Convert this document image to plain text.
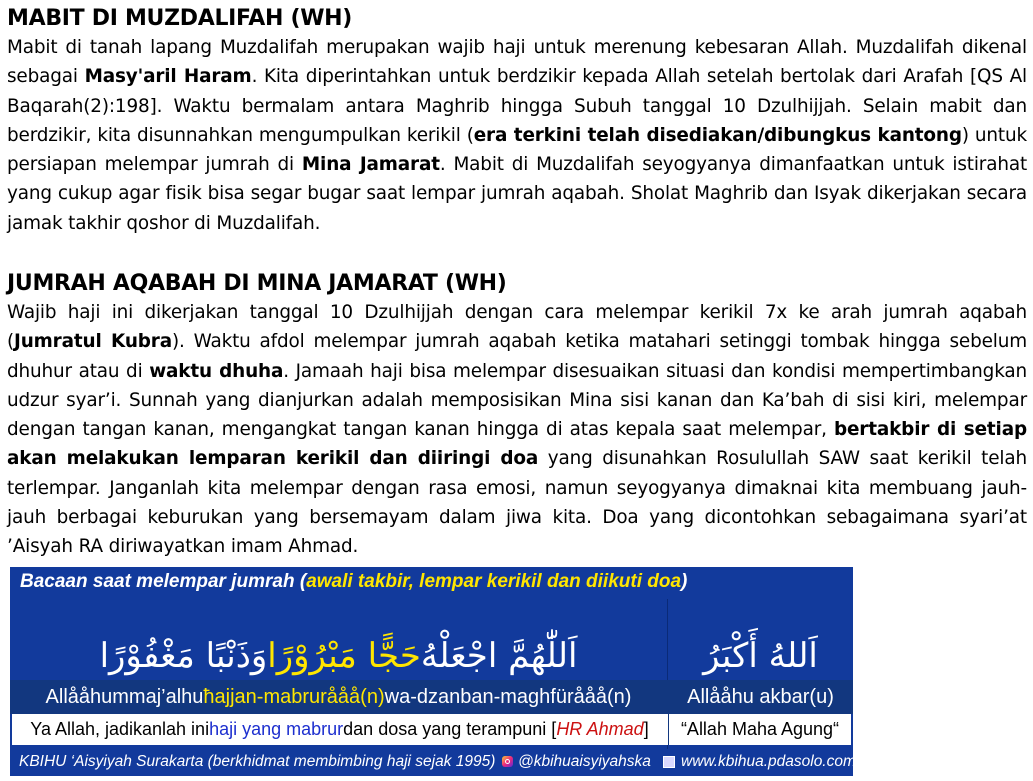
MABIT DI MUZDALIFAH (WH)

Mabit di tanah lapang Muzdalifah merupakan wajib haji untuk merenung kebesaran Allah. Muzdalifah dikenal sebagai Masy'aril Haram. Kita diperintahkan untuk berdzikir kepada Allah setelah bertolak dari Arafah [QS Al Baqarah(2):198]. Waktu bermalam antara Maghrib hingga Subuh tanggal 10 Dzulhijjah. Selain mabit dan berdzikir, kita disunnahkan mengumpulkan kerikil (era terkini telah disediakan/dibungkus kantong) untuk persiapan melempar jumrah di Mina Jamarat. Mabit di Muzdalifah seyogyanya dimanfaatkan untuk istirahat yang cukup agar fisik bisa segar bugar saat lempar jumrah aqabah. Sholat Maghrib dan Isyak dikerjakan secara jamak takhir qoshor di Muzdalifah.

JUMRAH AQABAH DI MINA JAMARAT (WH)

Wajib haji ini dikerjakan tanggal 10 Dzulhijjah dengan cara melempar kerikil 7x ke arah jumrah aqabah (Jumratul Kubra). Waktu afdol melempar jumrah aqabah ketika matahari setinggi tombak hingga sebelum dhuhur atau di waktu dhuha. Jamaah haji bisa melempar disesuaikan situasi dan kondisi mempertimbangkan udzur syar’i. Sunnah yang dianjurkan adalah memposisikan Mina sisi kanan dan Ka’bah di sisi kiri, melempar dengan tangan kanan, mengangkat tangan kanan hingga di atas kepala saat melempar, bertakbir di setiap akan melakukan lemparan kerikil dan diiringi doa yang disunahkan Rosulullah SAW saat kerikil telah terlempar. Janganlah kita melempar dengan rasa emosi, namun seyogyanya dimaknai kita membuang jauh-jauh berbagai keburukan yang bersemayam dalam jiwa kita. Doa yang dicontohkan sebagaimana syari’at ’Aisyah RA diriwayatkan imam Ahmad.

Bacaan saat melempar jumrah (awali takbir, lempar kerikil dan diikuti doa)
اَللّٰهُمَّ اجْعَلْهُ
حَجًّا مَبْرُوْرًا
وَذَنْبًا مَغْفُوْرًا	اَللهُ أَكْبَرُ
Allååhummaj’alhu ħajjan-mabrurååå(n) wa-dzanban-maghfürååå(n)	Allååhu akbar(u)
Ya Allah, jadikanlah ini haji yang mabrur dan dosa yang terampuni [ HR Ahmad ]	“Allah Maha Agung“
KBIHU ‘Aisyiyah Surakarta (berkhidmat membimbing haji sejak 1995) @kbihuaisyiyahska www.kbihua.pdasolo.com
